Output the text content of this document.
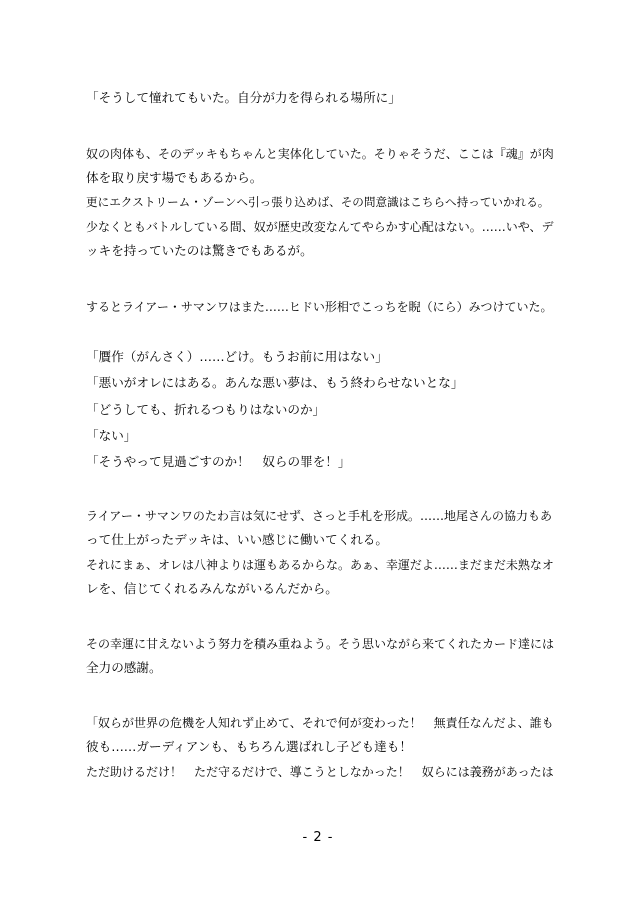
「そうして憧れてもいた。自分が力を得られる場所に」
奴の肉体も、そのデッキもちゃんと実体化していた。そりゃそうだ、ここは『魂』が肉
体を取り戻す場でもあるから。
更にエクストリーム・ゾーンへ引っ張り込めば、その問意識はこちらへ持っていかれる。
少なくともバトルしている間、奴が歴史改変なんてやらかす心配はない。……いや、デ
ッキを持っていたのは驚きでもあるが。
するとライアー・サマンワはまた……ヒドい形相でこっちを睨（にら）みつけていた。
「贋作（がんさく）……どけ。もうお前に用はない」
「悪いがオレにはある。あんな悪い夢は、もう終わらせないとな」
「どうしても、折れるつもりはないのか」
「ない」
「そうやって見過ごすのか！　奴らの罪を！」
ライアー・サマンワのたわ言は気にせず、さっと手札を形成。……地尾さんの協力もあ
って仕上がったデッキは、いい感じに働いてくれる。
それにまぁ、オレは八神よりは運もあるからな。あぁ、幸運だよ……まだまだ未熟なオ
レを、信じてくれるみんながいるんだから。
その幸運に甘えないよう努力を積み重ねよう。そう思いながら来てくれたカード達には
全力の感謝。
「奴らが世界の危機を人知れず止めて、それで何が変わった！　無責任なんだよ、誰も
彼も……ガーディアンも、もちろん選ばれし子ども達も！
ただ助けるだけ！　ただ守るだけで、導こうとしなかった！　奴らには義務があったは
- 2 -
